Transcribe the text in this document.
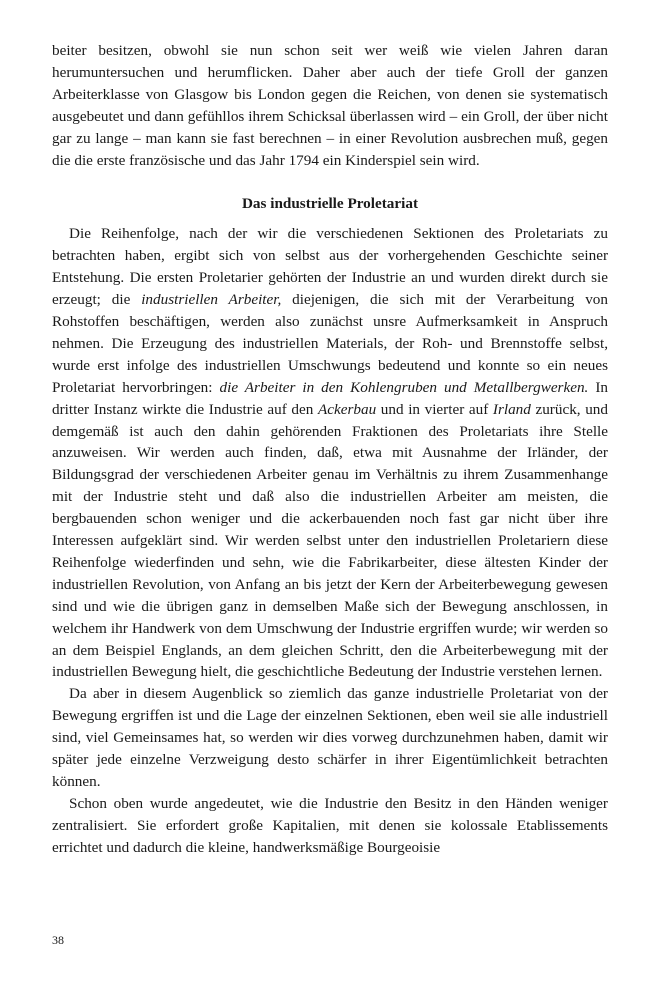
beiter besitzen, obwohl sie nun schon seit wer weiß wie vielen Jahren daran herumuntersuchen und herumflicken. Daher aber auch der tiefe Groll der ganzen Arbeiterklasse von Glasgow bis London gegen die Reichen, von denen sie systematisch ausgebeutet und dann gefühllos ihrem Schicksal überlassen wird – ein Groll, der über nicht gar zu lange – man kann sie fast berechnen – in einer Revolution ausbrechen muß, gegen die die erste französische und das Jahr 1794 ein Kinderspiel sein wird.

Das industrielle Proletariat

Die Reihenfolge, nach der wir die verschiedenen Sektionen des Proletariats zu betrachten haben, ergibt sich von selbst aus der vorhergehenden Geschichte seiner Entstehung. Die ersten Proletarier gehörten der Industrie an und wurden direkt durch sie erzeugt; die industriellen Arbeiter, diejenigen, die sich mit der Verarbeitung von Rohstoffen beschäftigen, werden also zunächst unsre Aufmerksamkeit in Anspruch nehmen. Die Erzeugung des industriellen Materials, der Roh- und Brennstoffe selbst, wurde erst infolge des industriellen Umschwungs bedeutend und konnte so ein neues Proletariat hervorbringen: die Arbeiter in den Kohlengruben und Metallbergwerken. In dritter Instanz wirkte die Industrie auf den Ackerbau und in vierter auf Irland zurück, und demgemäß ist auch den dahin gehörenden Fraktionen des Proletariats ihre Stelle anzuweisen. Wir werden auch finden, daß, etwa mit Ausnahme der Irländer, der Bildungsgrad der verschiedenen Arbeiter genau im Verhältnis zu ihrem Zusammenhange mit der Industrie steht und daß also die industriellen Arbeiter am meisten, die bergbauenden schon weniger und die ackerbauenden noch fast gar nicht über ihre Interessen aufgeklärt sind. Wir werden selbst unter den industriellen Proletariern diese Reihenfolge wiederfinden und sehn, wie die Fabrikarbeiter, diese ältesten Kinder der industriellen Revolution, von Anfang an bis jetzt der Kern der Arbeiterbewegung gewesen sind und wie die übrigen ganz in demselben Maße sich der Bewegung anschlossen, in welchem ihr Handwerk von dem Umschwung der Industrie ergriffen wurde; wir werden so an dem Beispiel Englands, an dem gleichen Schritt, den die Arbeiterbewegung mit der industriellen Bewegung hielt, die geschichtliche Bedeutung der Industrie verstehen lernen.

Da aber in diesem Augenblick so ziemlich das ganze industrielle Proletariat von der Bewegung ergriffen ist und die Lage der einzelnen Sektionen, eben weil sie alle industriell sind, viel Gemeinsames hat, so werden wir dies vorweg durchzunehmen haben, damit wir später jede einzelne Verzweigung desto schärfer in ihrer Eigentümlichkeit betrachten können.

Schon oben wurde angedeutet, wie die Industrie den Besitz in den Händen weniger zentralisiert. Sie erfordert große Kapitalien, mit denen sie kolossale Etablissements errichtet und dadurch die kleine, handwerksmäßige Bourgeoisie

38
